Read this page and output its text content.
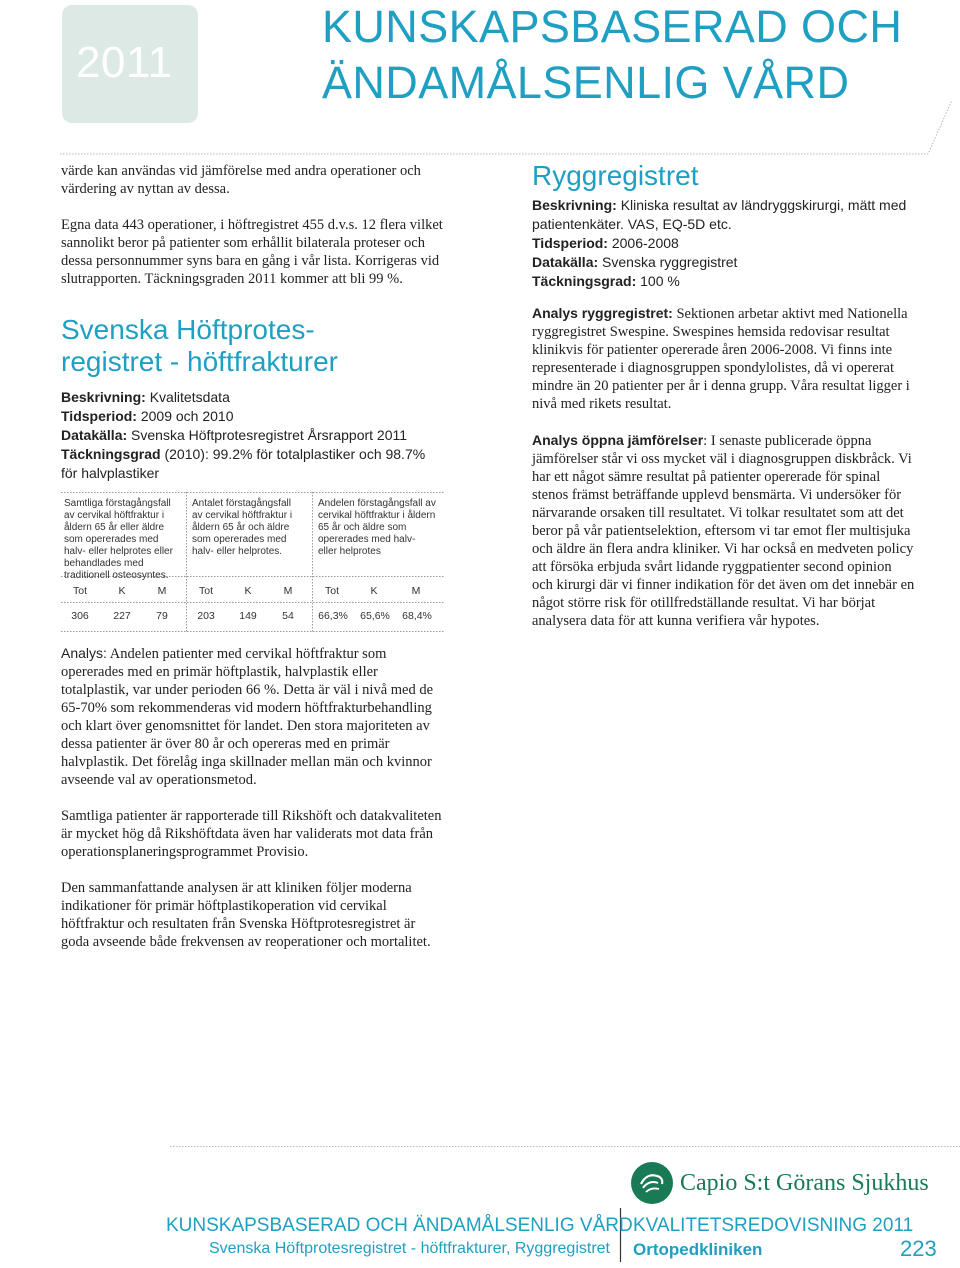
2011
KUNSKAPSBASERAD OCH
ÄNDAMÅLSENLIG VÅRD

värde kan användas vid jämförelse med andra operationer och värdering av nyttan av dessa.

Egna data 443 operationer, i höftregistret 455 d.v.s. 12 flera vilket sannolikt beror på patienter som erhållit bilaterala proteser och dessa personnummer syns bara en gång i vår lista. Korrigeras vid slutrapporten. Täckningsgraden 2011 kommer att bli 99 %.

Svenska Höftprotes-
registret - höftfrakturer
Beskrivning: Kvalitetsdata
Tidsperiod: 2009 och 2010
Datakälla: Svenska Höftprotesregistret Årsrapport 2011
Täckningsgrad (2010): 99.2% för totalplastiker och 98.7%
för halvplastiker
Samtliga förstagångsfall av cervikal höftfraktur i åldern 65 år eller äldre som opererades med halv- eller helprotes eller behandlades med traditionell osteosyntes.
Antalet förstagångsfall av cervikal höftfraktur i åldern 65 år och äldre som opererades med halv- eller helprotes.
Andelen förstagångsfall av cervikal höftfraktur i åldern 65 år och äldre som opererades med halv- eller helprotes
Tot	K	M	Tot	K	M	Tot	K	M
306	227	79	203	149	54	66,3%	65,6%	68,4%

Analys: Andelen patienter med cervikal höftfraktur som opererades med en primär höftplastik, halvplastik eller totalplastik, var under perioden 66 %. Detta är väl i nivå med de 65-70% som rekommenderas vid modern höftfrakturbehandling och klart över genomsnittet för landet. Den stora majoriteten av dessa patienter är över 80 år och opereras med en primär halvplastik. Det förelåg inga skillnader mellan män och kvinnor avseende val av operationsmetod.

Samtliga patienter är rapporterade till Rikshöft och datakvaliteten är mycket hög då Rikshöftdata även har validerats mot data från operationsplaneringsprogrammet Provisio.

Den sammanfattande analysen är att kliniken följer moderna indikationer för primär höftplastikoperation vid cervikal höftfraktur och resultaten från Svenska Höftprotesregistret är goda avseende både frekvensen av reoperationer och mortalitet.

Ryggregistret
Beskrivning: Kliniska resultat av ländryggskirurgi, mätt med patientenkäter. VAS, EQ-5D etc.
Tidsperiod: 2006-2008
Datakälla: Svenska ryggregistret
Täckningsgrad: 100 %

Analys ryggregistret: Sektionen arbetar aktivt med Nationella ryggregistret Swespine. Swespines hemsida redovisar resultat klinikvis för patienter opererade åren 2006-2008. Vi finns inte representerade i diagnosgruppen spondylolistes, då vi opererat mindre än 20 patienter per år i denna grupp. Våra resultat ligger i nivå med rikets resultat.

Analys öppna jämförelser: I senaste publicerade öppna jämförelser står vi oss mycket väl i diagnosgruppen diskbråck. Vi har ett något sämre resultat på patienter opererade för spinal stenos främst beträffande upplevd bensmärta. Vi undersöker för närvarande orsaken till resultatet. Vi tolkar resultatet som att det beror på vår patientselektion, eftersom vi tar emot fler multisjuka och äldre än flera andra kliniker. Vi har också en medveten policy att försöka erbjuda svårt lidande ryggpatienter second opinion och kirurgi där vi finner indikation för det även om det innebär en något större risk för otillfredställande resultat. Vi har börjat analysera data för att kunna verifiera vår hypotes.

Capio S:t Görans Sjukhus
KUNSKAPSBASERAD OCH ÄNDAMÅLSENLIG VÅRD
Svenska Höftprotesregistret - höftfrakturer, Ryggregistret
KVALITETSREDOVISNING 2011
Ortopedkliniken	223
